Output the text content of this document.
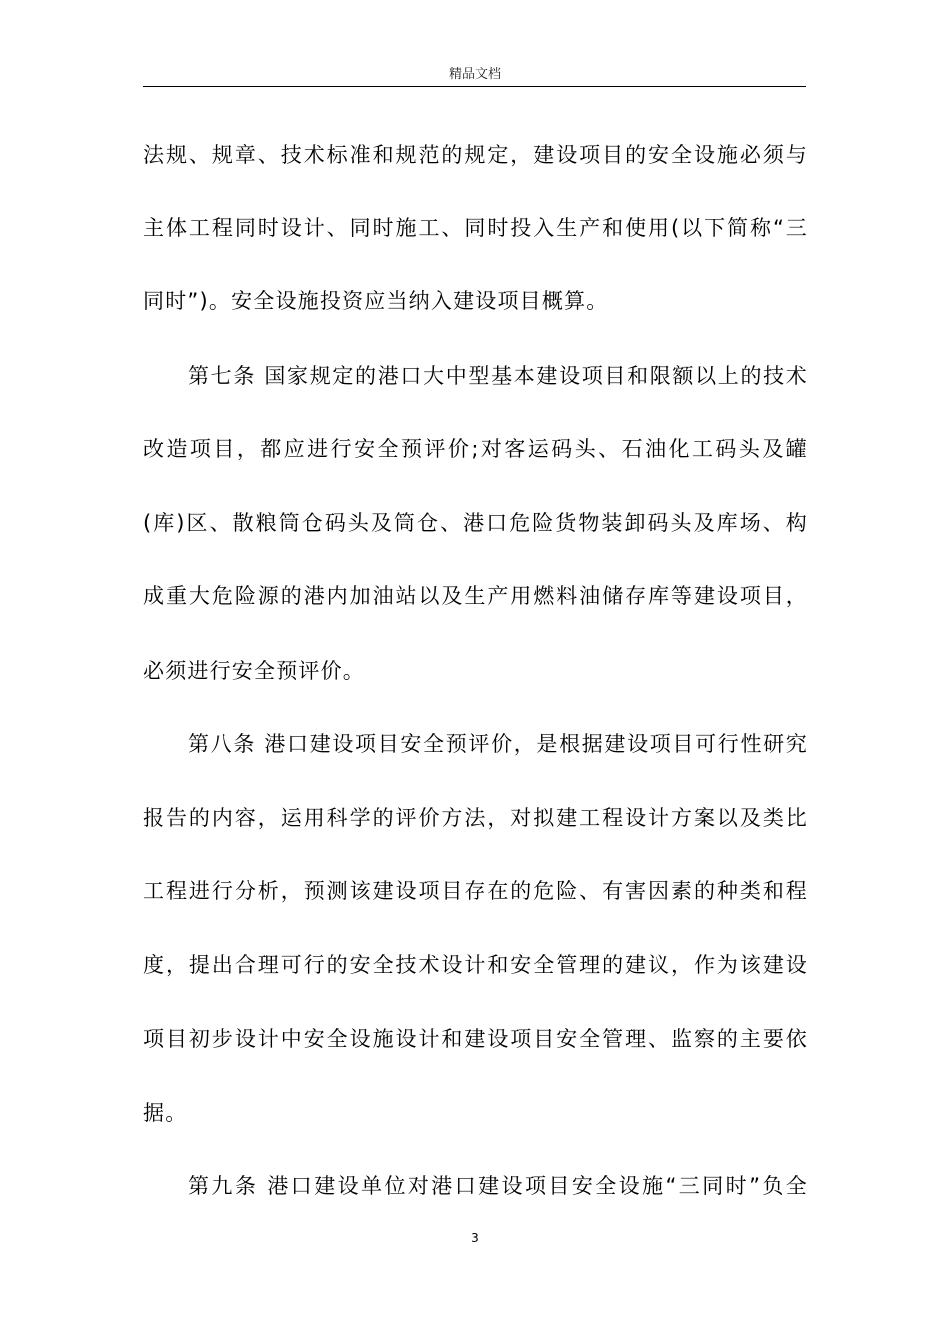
精品文档
法规、规章、技术标准和规范的规定，建设项目的安全设施必须与
主体工程同时设计、同时施工、同时投入生产和使用(以下简称“三
同时”)。安全设施投资应当纳入建设项目概算。
第七条 国家规定的港口大中型基本建设项目和限额以上的技术
改造项目，都应进行安全预评价;对客运码头、石油化工码头及罐
(库)区、散粮筒仓码头及筒仓、港口危险货物装卸码头及库场、构
成重大危险源的港内加油站以及生产用燃料油储存库等建设项目，
必须进行安全预评价。
第八条 港口建设项目安全预评价，是根据建设项目可行性研究
报告的内容，运用科学的评价方法，对拟建工程设计方案以及类比
工程进行分析，预测该建设项目存在的危险、有害因素的种类和程
度，提出合理可行的安全技术设计和安全管理的建议，作为该建设
项目初步设计中安全设施设计和建设项目安全管理、监察的主要依
据。
第九条 港口建设单位对港口建设项目安全设施“三同时”负全
3
